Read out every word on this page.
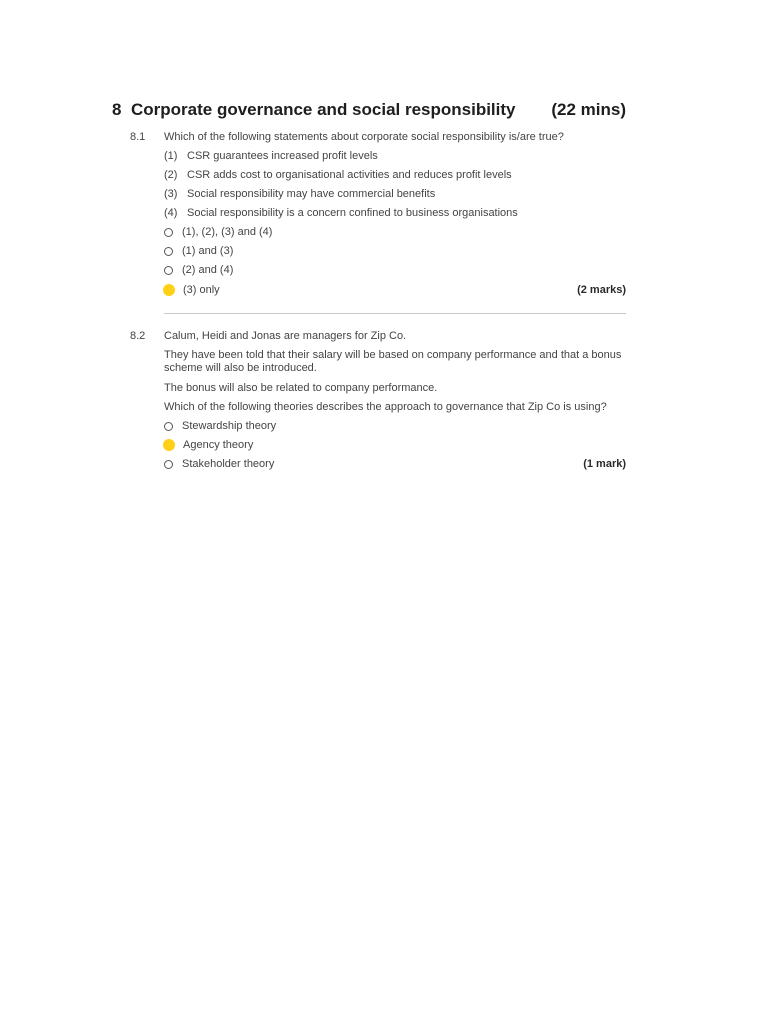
8 Corporate governance and social responsibility	(22 mins)
8.1 Which of the following statements about corporate social responsibility is/are true?
(1) CSR guarantees increased profit levels
(2) CSR adds cost to organisational activities and reduces profit levels
(3) Social responsibility may have commercial benefits
(4) Social responsibility is a concern confined to business organisations
(1), (2), (3) and (4)
(1) and (3)
(2) and (4)
(3) only	(2 marks)
8.2 Calum, Heidi and Jonas are managers for Zip Co.
They have been told that their salary will be based on company performance and that a bonus scheme will also be introduced.
The bonus will also be related to company performance.
Which of the following theories describes the approach to governance that Zip Co is using?
Stewardship theory
Agency theory
Stakeholder theory	(1 mark)
